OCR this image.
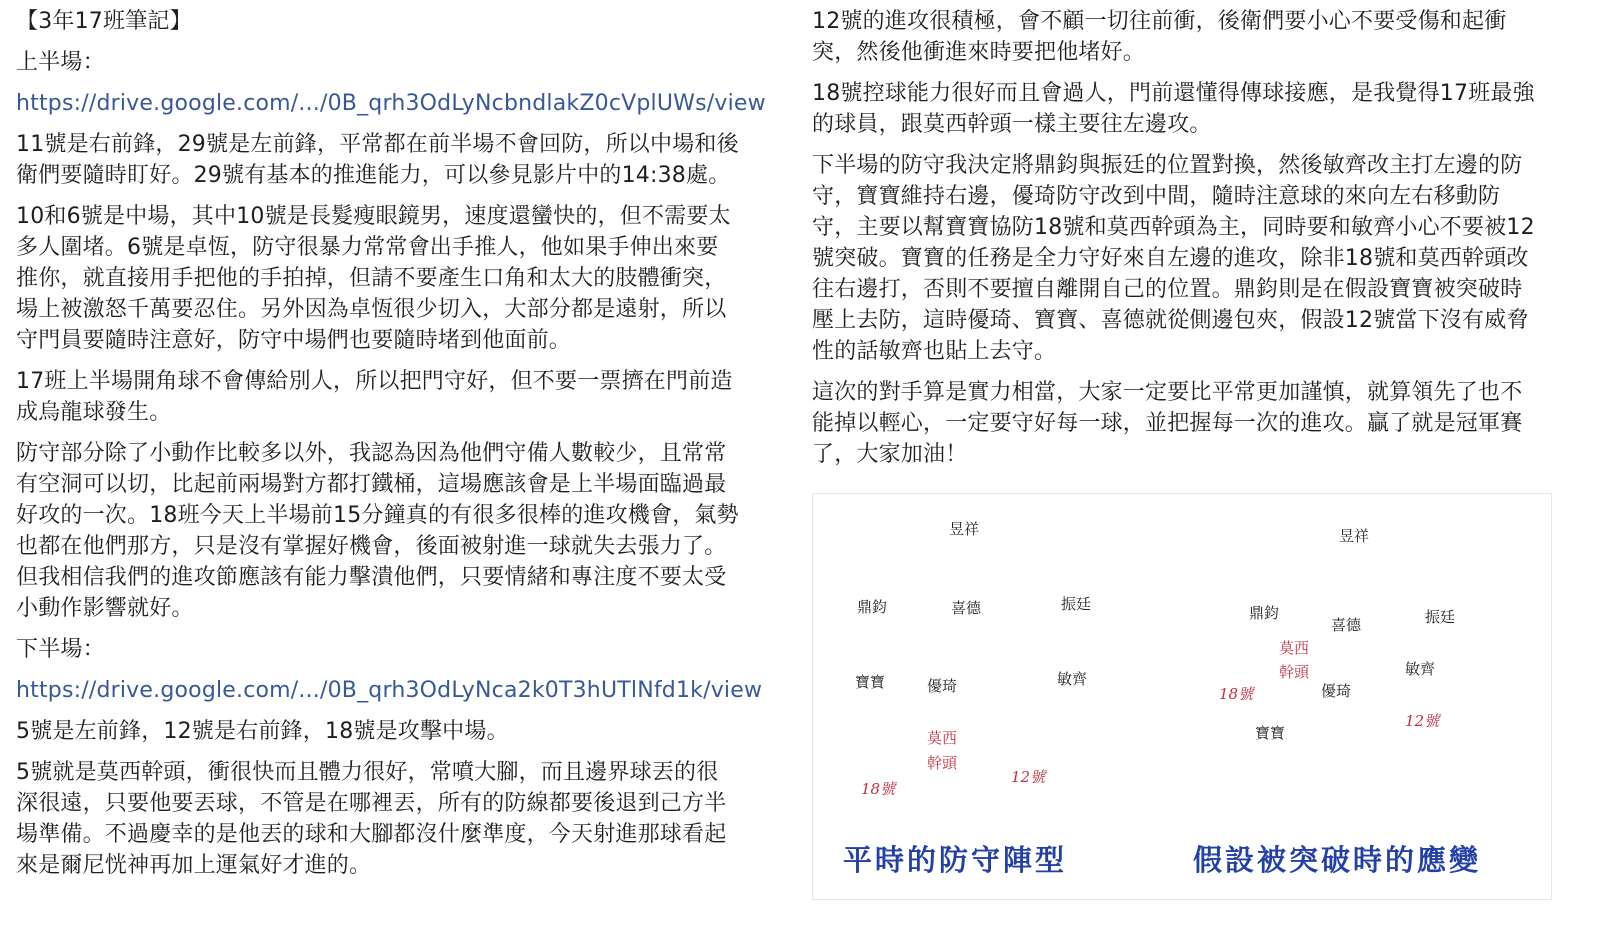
【3年17班筆記】
上半場：
https://drive.google.com/.../0B_qrh3OdLyNcbndlakZ0cVplUWs/view
11號是右前鋒，29號是左前鋒，平常都在前半場不會回防，所以中場和後
衛們要隨時盯好。29號有基本的推進能力，可以參見影片中的14:38處。
10和6號是中場，其中10號是長髮瘦眼鏡男，速度還蠻快的，但不需要太
多人圍堵。6號是卓恆，防守很暴力常常會出手推人，他如果手伸出來要
推你，就直接用手把他的手拍掉，但請不要產生口角和太大的肢體衝突，
場上被激怒千萬要忍住。另外因為卓恆很少切入，大部分都是遠射，所以
守門員要隨時注意好，防守中場們也要隨時堵到他面前。
17班上半場開角球不會傳給別人，所以把門守好，但不要一票擠在門前造
成烏龍球發生。
防守部分除了小動作比較多以外，我認為因為他們守備人數較少，且常常
有空洞可以切，比起前兩場對方都打鐵桶，這場應該會是上半場面臨過最
好攻的一次。18班今天上半場前15分鐘真的有很多很棒的進攻機會，氣勢
也都在他們那方，只是沒有掌握好機會，後面被射進一球就失去張力了。
但我相信我們的進攻節應該有能力擊潰他們，只要情緒和專注度不要太受
小動作影響就好。
下半場：
https://drive.google.com/.../0B_qrh3OdLyNca2k0T3hUTlNfd1k/view
5號是左前鋒，12號是右前鋒，18號是攻擊中場。
5號就是莫西幹頭，衝很快而且體力很好，常噴大腳，而且邊界球丟的很
深很遠，只要他要丟球，不管是在哪裡丟，所有的防線都要後退到己方半
場準備。不過慶幸的是他丟的球和大腳都沒什麼準度，今天射進那球看起
來是爾尼恍神再加上運氣好才進的。
12號的進攻很積極，會不顧一切往前衝，後衛們要小心不要受傷和起衝
突，然後他衝進來時要把他堵好。
18號控球能力很好而且會過人，門前還懂得傳球接應，是我覺得17班最強
的球員，跟莫西幹頭一樣主要往左邊攻。
下半場的防守我決定將鼎鈞與振廷的位置對換，然後敏齊改主打左邊的防
守，寶寶維持右邊，優琦防守改到中間，隨時注意球的來向左右移動防
守，主要以幫寶寶協防18號和莫西幹頭為主，同時要和敏齊小心不要被12
號突破。寶寶的任務是全力守好來自左邊的進攻，除非18號和莫西幹頭改
往右邊打，否則不要擅自離開自己的位置。鼎鈞則是在假設寶寶被突破時
壓上去防，這時優琦、寶寶、喜德就從側邊包夾，假設12號當下沒有威脅
性的話敏齊也貼上去守。
這次的對手算是實力相當，大家一定要比平常更加謹慎，就算領先了也不
能掉以輕心，一定要守好每一球，並把握每一次的進攻。贏了就是冠軍賽
了，大家加油！
昱祥
鼎鈞	喜德	振廷
寶寶	優琦	敏齊
莫西
幹頭
18號
12號
昱祥
鼎鈞
喜德	振廷
莫西
幹頭	敏齊
18號	優琦
12號
寶寶
平時的防守陣型	假設被突破時的應變
